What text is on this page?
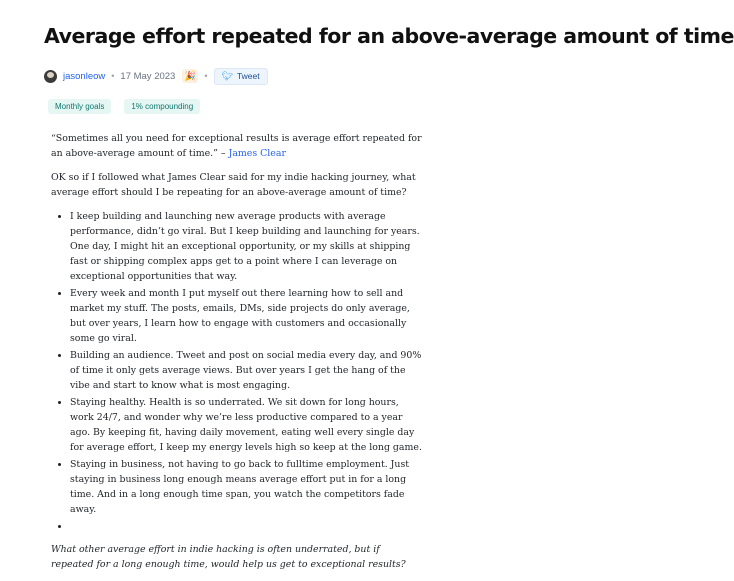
Average effort repeated for an above-average amount of time
jasonleow • 17 May 2023 🎉 • 🐦︎ Tweet
Monthly goals	1% compounding

“Sometimes all you need for exceptional results is average effort repeated for an above-average amount of time.” – James Clear

OK so if I followed what James Clear said for my indie hacking journey, what average effort should I be repeating for an above-average amount of time?

• I keep building and launching new average products with average performance, didn’t go viral. But I keep building and launching for years. One day, I might hit an exceptional opportunity, or my skills at shipping fast or shipping complex apps get to a point where I can leverage on exceptional opportunities that way.
• Every week and month I put myself out there learning how to sell and market my stuff. The posts, emails, DMs, side projects do only average, but over years, I learn how to engage with customers and occasionally some go viral.
• Building an audience. Tweet and post on social media every day, and 90% of time it only gets average views. But over years I get the hang of the vibe and start to know what is most engaging.
• Staying healthy. Health is so underrated. We sit down for long hours, work 24/7, and wonder why we’re less productive compared to a year ago. By keeping fit, having daily movement, eating well every single day for average effort, I keep my energy levels high so keep at the long game.
• Staying in business, not having to go back to fulltime employment. Just staying in business long enough means average effort put in for a long time. And in a long enough time span, you watch the competitors fade away.
•

What other average effort in indie hacking is often underrated, but if repeated for a long enough time, would help us get to exceptional results?
